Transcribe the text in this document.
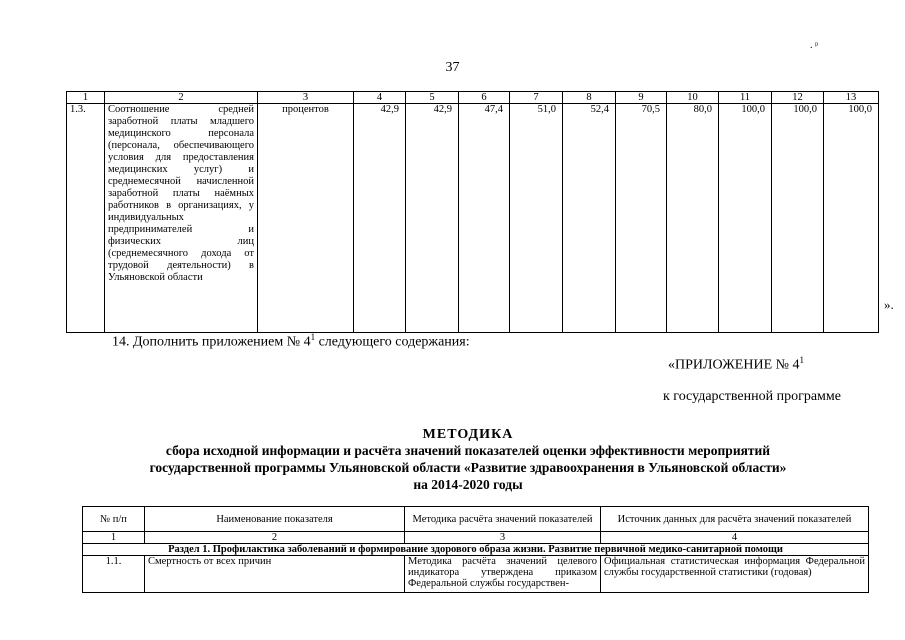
. ᵖ
37
1	2	3	4	5	6	7	8	9	10	11	12	13
1.3.	Соотношение средней заработной платы младшего медицинского персонала (персонала, обеспечивающего условия для предоставления медицинских услуг) и среднемесячной начисленной заработной платы наёмных работников в организациях, у индивидуальных предпринимателей и физических лиц (среднемесячного дохода от трудовой деятельности) в Ульяновской области	процентов	42,9	42,9	47,4	51,0	52,4	70,5	80,0	100,0	100,0	100,0
».
14. Дополнить приложением № $4^1$ следующего содержания:
«ПРИЛОЖЕНИЕ № $4^1$
к государственной программе
МЕТОДИКА
сбора исходной информации и расчёта значений показателей оценки эффективности мероприятий
государственной программы Ульяновской области «Развитие здравоохранения в Ульяновской области»
на 2014-2020 годы
№ п/п	Наименование показателя	Методика расчёта значений показателей	Источник данных для расчёта значений показателей
1	2	3	4
Раздел 1. Профилактика заболеваний и формирование здорового образа жизни. Развитие первичной медико-санитарной помощи			
1.1.	Смертность от всех причин	Методика расчёта значений целевого индикатора утверждена приказом Федеральной службы государствен-	Официальная статистическая информация Федеральной службы государственной статистики (годовая)
